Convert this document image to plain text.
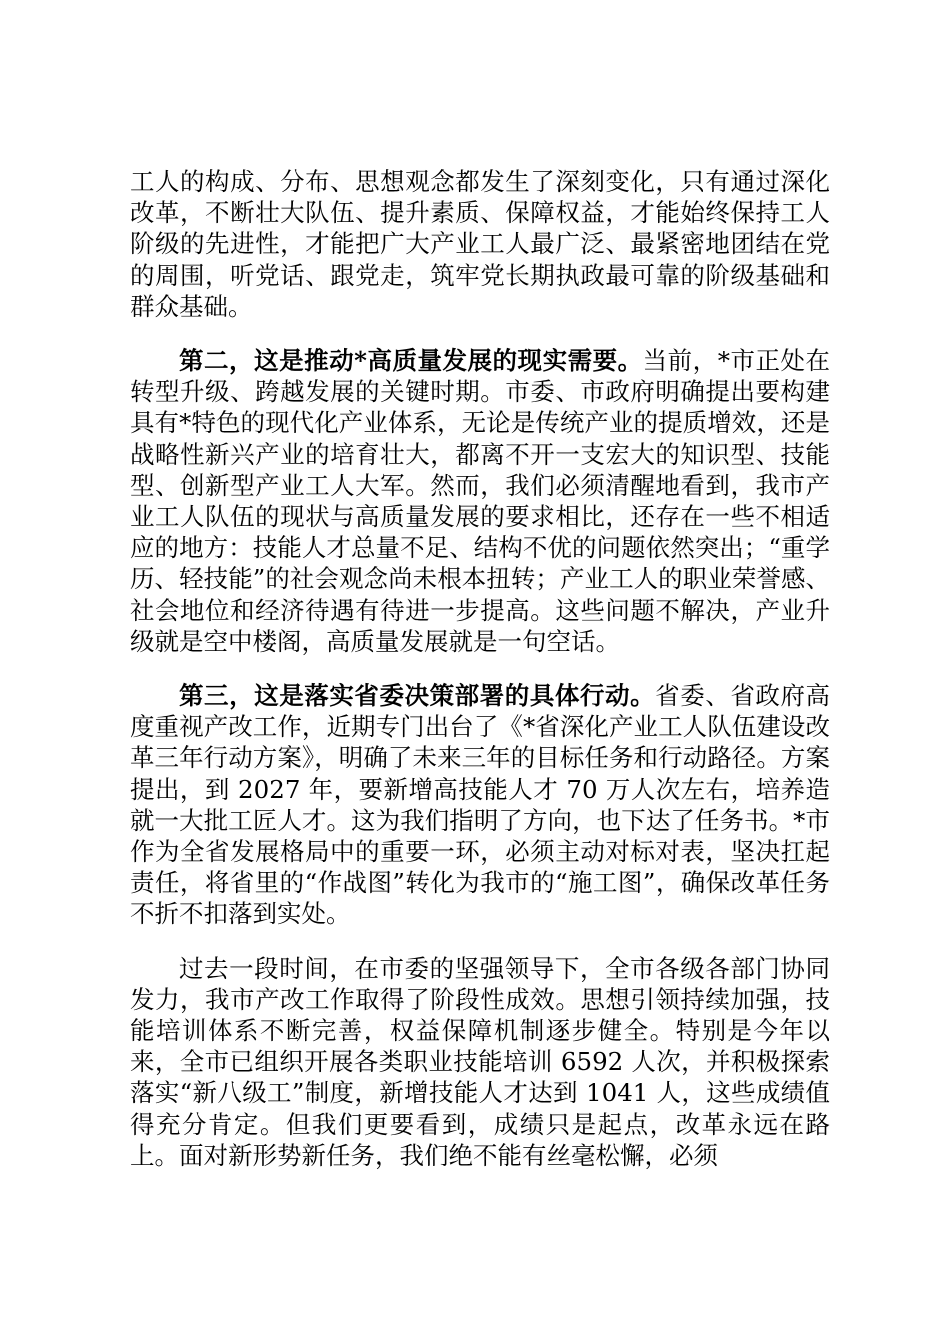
工人的构成、分布、思想观念都发生了深刻变化，只有通过深化改革，不断壮大队伍、提升素质、保障权益，才能始终保持工人阶级的先进性，才能把广大产业工人最广泛、最紧密地团结在党的周围，听党话、跟党走，筑牢党长期执政最可靠的阶级基础和群众基础。

第二，这是推动*高质量发展的现实需要。当前，*市正处在转型升级、跨越发展的关键时期。市委、市政府明确提出要构建具有*特色的现代化产业体系，无论是传统产业的提质增效，还是战略性新兴产业的培育壮大，都离不开一支宏大的知识型、技能型、创新型产业工人大军。然而，我们必须清醒地看到，我市产业工人队伍的现状与高质量发展的要求相比，还存在一些不相适应的地方：技能人才总量不足、结构不优的问题依然突出；“重学历、轻技能”的社会观念尚未根本扭转；产业工人的职业荣誉感、社会地位和经济待遇有待进一步提高。这些问题不解决，产业升级就是空中楼阁，高质量发展就是一句空话。

第三，这是落实省委决策部署的具体行动。省委、省政府高度重视产改工作，近期专门出台了《*省深化产业工人队伍建设改革三年行动方案》，明确了未来三年的目标任务和行动路径。方案提出，到 2027 年，要新增高技能人才 70 万人次左右，培养造就一大批工匠人才。这为我们指明了方向，也下达了任务书。*市作为全省发展格局中的重要一环，必须主动对标对表，坚决扛起责任，将省里的“作战图”转化为我市的“施工图”，确保改革任务不折不扣落到实处。

过去一段时间，在市委的坚强领导下，全市各级各部门协同发力，我市产改工作取得了阶段性成效。思想引领持续加强，技能培训体系不断完善，权益保障机制逐步健全。特别是今年以来，全市已组织开展各类职业技能培训 6592 人次，并积极探索落实“新八级工”制度，新增技能人才达到 1041 人，这些成绩值得充分肯定。但我们更要看到，成绩只是起点，改革永远在路上。面对新形势新任务，我们绝不能有丝毫松懈，必须
